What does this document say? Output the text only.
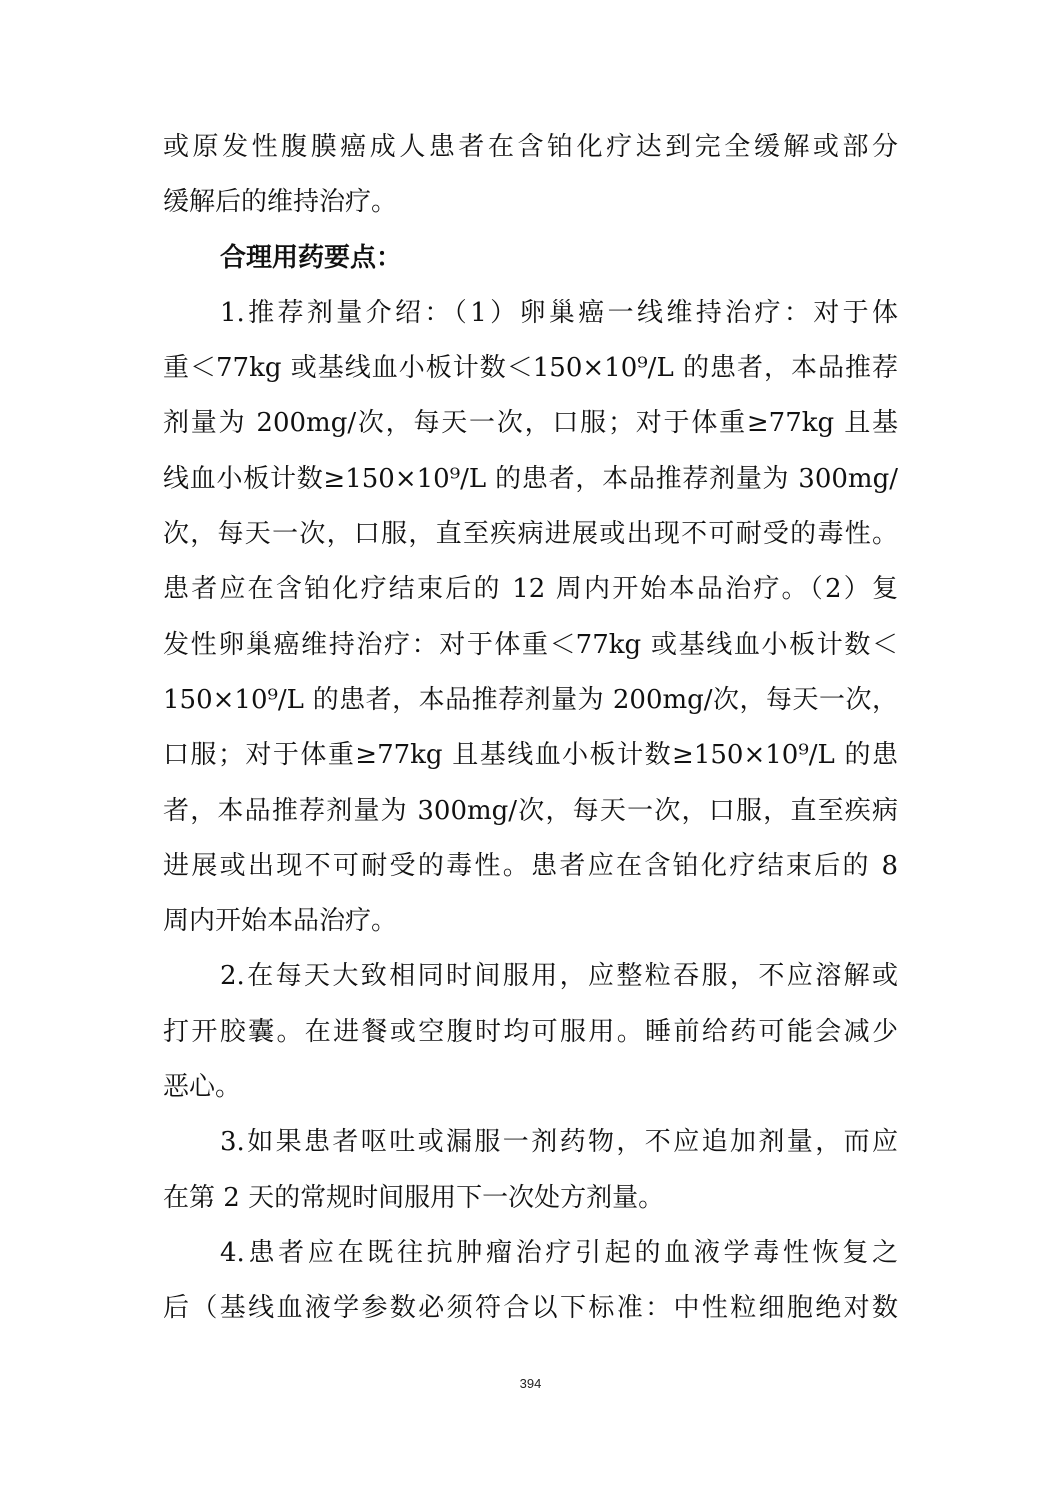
或原发性腹膜癌成人患者在含铂化疗达到完全缓解或部分
缓解后的维持治疗。
合理用药要点：
1.推荐剂量介绍：（1）卵巢癌一线维持治疗：对于体
重＜77kg 或基线血小板计数＜150×10⁹/L 的患者，本品推荐
剂量为 200mg/次，每天一次，口服；对于体重≥77kg 且基
线血小板计数≥150×10⁹/L 的患者，本品推荐剂量为 300mg/
次，每天一次，口服，直至疾病进展或出现不可耐受的毒性。
患者应在含铂化疗结束后的 12 周内开始本品治疗。（2）复
发性卵巢癌维持治疗：对于体重＜77kg 或基线血小板计数＜
150×10⁹/L 的患者，本品推荐剂量为 200mg/次，每天一次，
口服；对于体重≥77kg 且基线血小板计数≥150×10⁹/L 的患
者，本品推荐剂量为 300mg/次，每天一次，口服，直至疾病
进展或出现不可耐受的毒性。患者应在含铂化疗结束后的 8
周内开始本品治疗。
2.在每天大致相同时间服用，应整粒吞服，不应溶解或
打开胶囊。在进餐或空腹时均可服用。睡前给药可能会减少
恶心。
3.如果患者呕吐或漏服一剂药物，不应追加剂量，而应
在第 2 天的常规时间服用下一次处方剂量。
4.患者应在既往抗肿瘤治疗引起的血液学毒性恢复之
后（基线血液学参数必须符合以下标准：中性粒细胞绝对数
394
